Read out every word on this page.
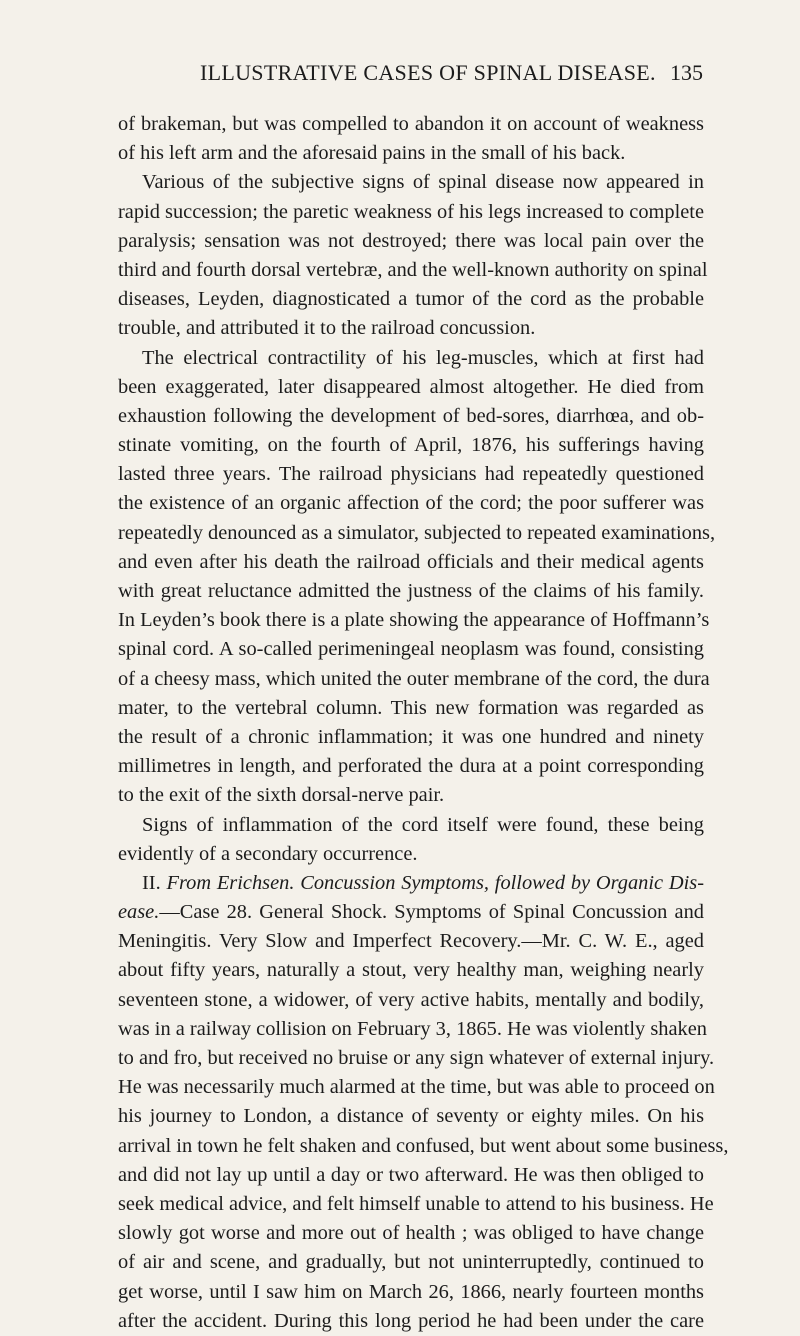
ILLUSTRATIVE CASES OF SPINAL DISEASE. 135
of brakeman, but was compelled to abandon it on account of weakness
of his left arm and the aforesaid pains in the small of his back.
Various of the subjective signs of spinal disease now appeared in
rapid succession; the paretic weakness of his legs increased to complete
paralysis; sensation was not destroyed; there was local pain over the
third and fourth dorsal vertebræ, and the well-known authority on spinal
diseases, Leyden, diagnosticated a tumor of the cord as the probable
trouble, and attributed it to the railroad concussion.
The electrical contractility of his leg-muscles, which at first had
been exaggerated, later disappeared almost altogether. He died from
exhaustion following the development of bed-sores, diarrhœa, and ob-
stinate vomiting, on the fourth of April, 1876, his sufferings having
lasted three years. The railroad physicians had repeatedly questioned
the existence of an organic affection of the cord; the poor sufferer was
repeatedly denounced as a simulator, subjected to repeated examinations,
and even after his death the railroad officials and their medical agents
with great reluctance admitted the justness of the claims of his family.
In Leyden’s book there is a plate showing the appearance of Hoffmann’s
spinal cord. A so-called perimeningeal neoplasm was found, consisting
of a cheesy mass, which united the outer membrane of the cord, the dura
mater, to the vertebral column. This new formation was regarded as
the result of a chronic inflammation; it was one hundred and ninety
millimetres in length, and perforated the dura at a point corresponding
to the exit of the sixth dorsal-nerve pair.
Signs of inflammation of the cord itself were found, these being
evidently of a secondary occurrence.
II. From Erichsen. Concussion Symptoms, followed by Organic Dis-
ease.—Case 28. General Shock. Symptoms of Spinal Concussion and
Meningitis. Very Slow and Imperfect Recovery.—Mr. C. W. E., aged
about fifty years, naturally a stout, very healthy man, weighing nearly
seventeen stone, a widower, of very active habits, mentally and bodily,
was in a railway collision on February 3, 1865. He was violently shaken
to and fro, but received no bruise or any sign whatever of external injury.
He was necessarily much alarmed at the time, but was able to proceed on
his journey to London, a distance of seventy or eighty miles. On his
arrival in town he felt shaken and confused, but went about some business,
and did not lay up until a day or two afterward. He was then obliged to
seek medical advice, and felt himself unable to attend to his business. He
slowly got worse and more out of health ; was obliged to have change
of air and scene, and gradually, but not uninterruptedly, continued to
get worse, until I saw him on March 26, 1866, nearly fourteen months
after the accident. During this long period he had been under the care
